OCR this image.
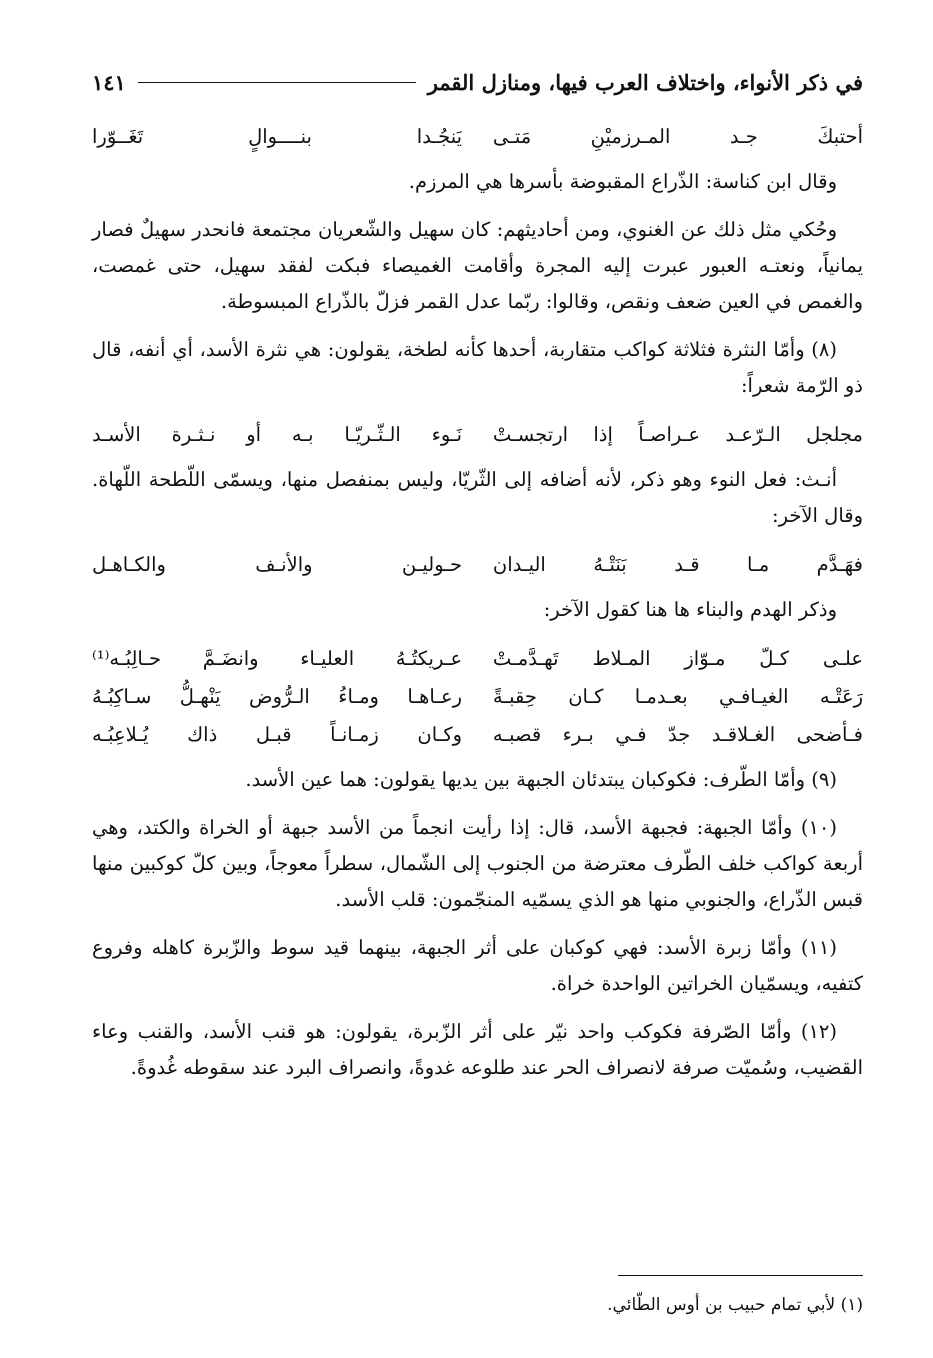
في ذكر الأنواء، واختلاف العرب فيها، ومنازل القمر
١٤١
أحتبكَ جـد المـرزميْنِ مَتـى
يَنجُـدا بنــــوالٍ تَغَــوّرا

وقال ابن كناسة: الذّراع المقبوضة بأسرها هي المرزم.

وحُكي مثل ذلك عن الغنوي، ومن أحاديثهم: كان سهيل والشّعريان مجتمعة فانحدر سهيلٌ فصار يمانياً، ونعتـه العبور عبرت إليه المجرة وأقامت الغميصاء فبكت لفقد سهيل، حتى غمصت، والغمص في العين ضعف ونقص، وقالوا: ربّما عدل القمر فزلّ بالذّراع المبسوطة.

(٨) وأمّا النثرة فثلاثة كواكب متقاربة، أحدها كأنه لطخة، يقولون: هي نثرة الأسد، أي أنفه، قال ذو الرّمة شعراً:

مجلجل الـرّعـد عـراصـاً إذا ارتجسـتْ
نَـوء الـثّـريّـا بـه أو نـثـرة الأسـد

أنـث: فعل النوء وهو ذكر، لأنه أضافه إلى الثّريّا، وليس بمنفصل منها، ويسمّى اللّطحة اللّهاة. وقال الآخر:

فهَـدَّم مـا قـد بَنَتْـهُ اليـدان
حـوليـن والأنـف والكـاهـل

وذكر الهدم والبناء ها هنا كقول الآخر:

علـى كـلّ مـوّاز المـلاط تَهـدَّمـتْ
عـريكتُـهُ العليـاء وانضَـمَّ حـالِبُـه⁽¹⁾
رَعَتْـه الغيـافـي بعـدمـا كـان حِقبـةً
رعـاهـا ومـاءُ الـرُّوض يَنْهـلُّ سـاكِبُـهُ
فـأضحى الغـلاقـد جدّ فـي بـرء قصبـه
وكـان زمـانـاً قبـل ذاك يُـلاعِبُـه

(٩) وأمّا الطّرف: فكوكبان يبتدئان الجبهة بين يديها يقولون: هما عين الأسد.

(١٠) وأمّا الجبهة: فجبهة الأسد، قال: إذا رأيت انجماً من الأسد جبهة أو الخراة والكتد، وهي أربعة كواكب خلف الطّرف معترضة من الجنوب إلى الشّمال، سطراً معوجاً، وبين كلّ كوكبين منها قبس الذّراع، والجنوبي منها هو الذي يسمّيه المنجّمون: قلب الأسد.

(١١) وأمّا زبرة الأسد: فهي كوكبان على أثر الجبهة، بينهما قيد سوط والزّبرة كاهله وفروع كتفيه، ويسمّيان الخراتين الواحدة خراة.

(١٢) وأمّا الصّرفة فكوكب واحد نيّر على أثر الزّبرة، يقولون: هو قنب الأسد، والقنب وعاء القضيب، وسُميّت صرفة لانصراف الحر عند طلوعه غدوةً، وانصراف البرد عند سقوطه غُدوةً.

(١) لأبي تمام حبيب بن أوس الطّائي.
